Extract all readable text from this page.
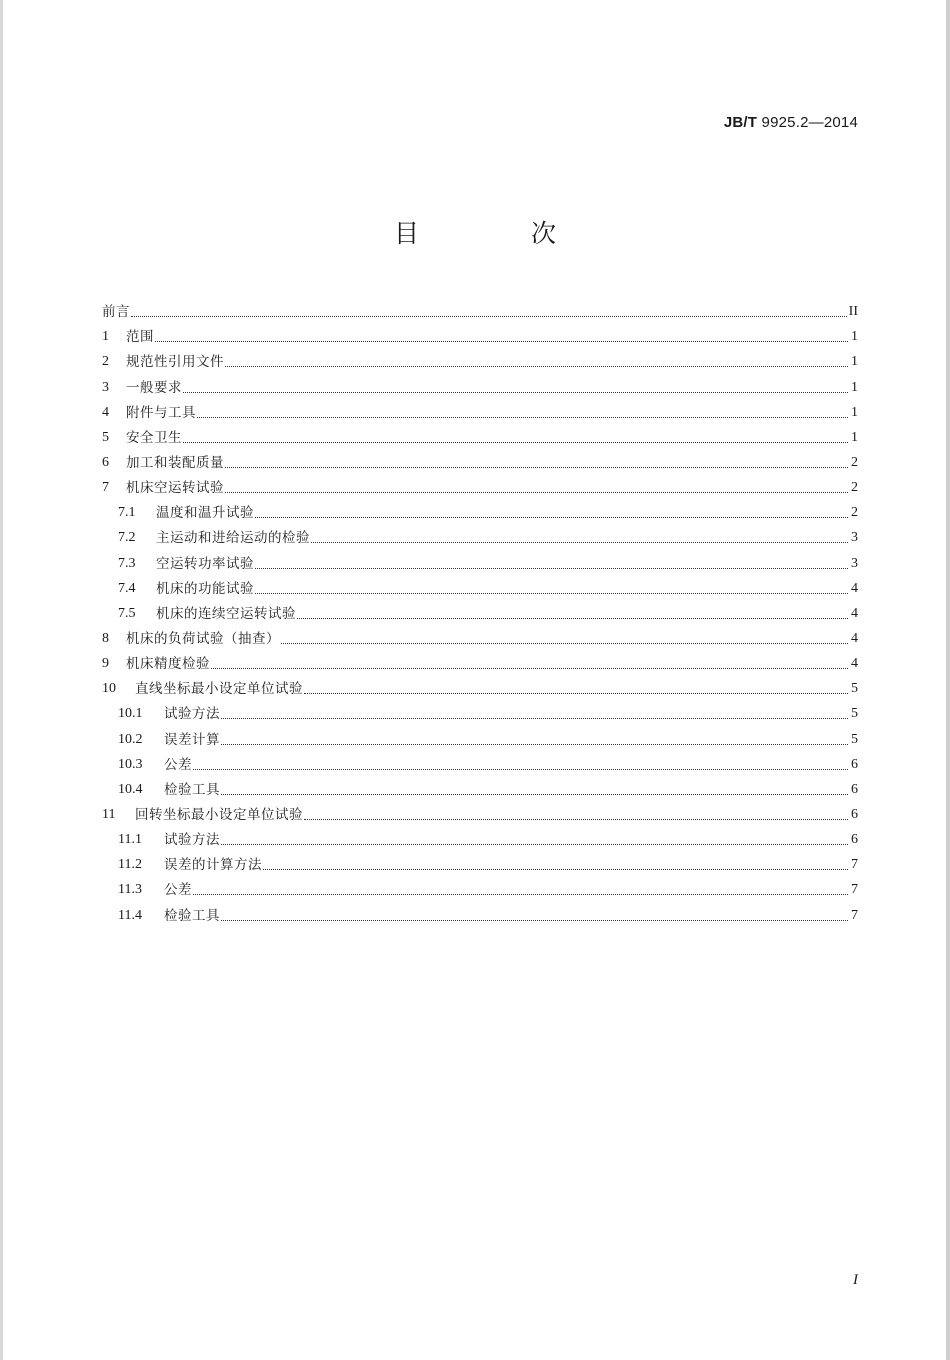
JB/T 9925.2—2014
目 次
前言	II
1	范围	1
2	规范性引用文件	1
3	一般要求	1
4	附件与工具	1
5	安全卫生	1
6	加工和装配质量	2
7	机床空运转试验	2
7.1	温度和温升试验	2
7.2	主运动和进给运动的检验	3
7.3	空运转功率试验	3
7.4	机床的功能试验	4
7.5	机床的连续空运转试验	4
8	机床的负荷试验（抽查）	4
9	机床精度检验	4
10	直线坐标最小设定单位试验	5
10.1	试验方法	5
10.2	误差计算	5
10.3	公差	6
10.4	检验工具	6
11	回转坐标最小设定单位试验	6
11.1	试验方法	6
11.2	误差的计算方法	7
11.3	公差	7
11.4	检验工具	7
I
